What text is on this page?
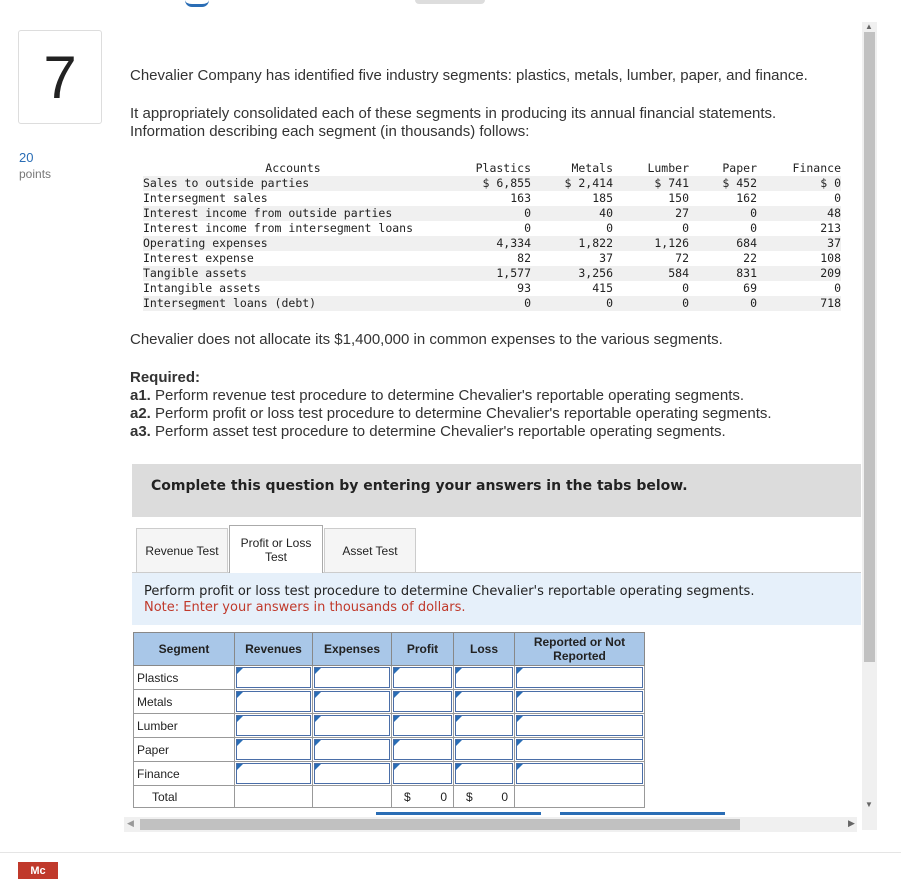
7
20
points
Chevalier Company has identified five industry segments: plastics, metals, lumber, paper, and finance.
It appropriately consolidated each of these segments in producing its annual financial statements.
Information describing each segment (in thousands) follows:
Accounts	Plastics	Metals	Lumber	Paper	Finance
Sales to outside parties	$ 6,855	$ 2,414	$ 741	$ 452	$ 0
Intersegment sales	163	185	150	162	0
Interest income from outside parties	0	40	27	0	48
Interest income from intersegment loans	0	0	0	0	213
Operating expenses	4,334	1,822	1,126	684	37
Interest expense	82	37	72	22	108
Tangible assets	1,577	3,256	584	831	209
Intangible assets	93	415	0	69	0
Intersegment loans (debt)	0	0	0	0	718
Chevalier does not allocate its $1,400,000 in common expenses to the various segments.
Required:
a1. Perform revenue test procedure to determine Chevalier's reportable operating segments.
a2. Perform profit or loss test procedure to determine Chevalier's reportable operating segments.
a3. Perform asset test procedure to determine Chevalier's reportable operating segments.
Complete this question by entering your answers in the tabs below.
Revenue Test
Profit or Loss
Test	Asset Test
Perform profit or loss test procedure to determine Chevalier's reportable operating segments.
Note: Enter your answers in thousands of dollars.
Segment	Revenues	Expenses	Profit	Loss	Reported or Not
Reported
Plastics	

Metals	

Lumber	

Paper	

Finance	

Total			$ 0	$ 0	

◀	▶
▲
▼
Mc
